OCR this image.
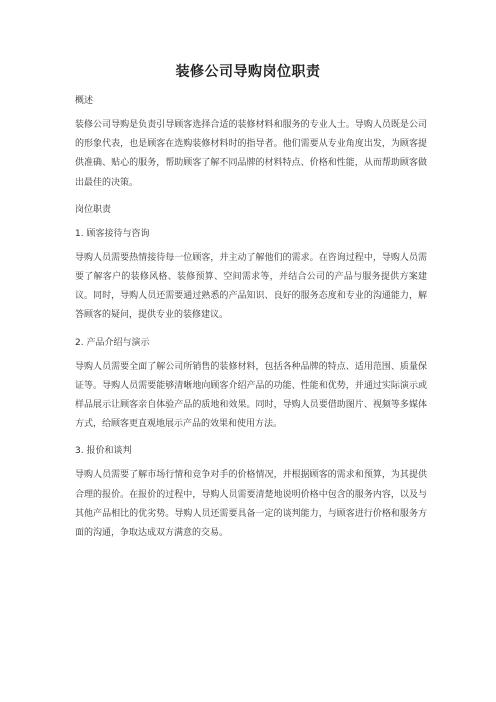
装修公司导购岗位职责

概述

装修公司导购是负责引导顾客选择合适的装修材料和服务的专业人士。导购人员既是公司的形象代表，也是顾客在选购装修材料时的指导者。他们需要从专业角度出发，为顾客提供准确、贴心的服务，帮助顾客了解不同品牌的材料特点、价格和性能，从而帮助顾客做出最佳的决策。

岗位职责

1. 顾客接待与咨询

导购人员需要热情接待每一位顾客，并主动了解他们的需求。在咨询过程中，导购人员需要了解客户的装修风格、装修预算、空间需求等，并结合公司的产品与服务提供方案建议。同时，导购人员还需要通过熟悉的产品知识、良好的服务态度和专业的沟通能力，解答顾客的疑问，提供专业的装修建议。

2. 产品介绍与演示

导购人员需要全面了解公司所销售的装修材料，包括各种品牌的特点、适用范围、质量保证等。导购人员需要能够清晰地向顾客介绍产品的功能、性能和优势，并通过实际演示或样品展示让顾客亲自体验产品的质地和效果。同时，导购人员要借助图片、视频等多媒体方式，给顾客更直观地展示产品的效果和使用方法。

3. 报价和谈判

导购人员需要了解市场行情和竞争对手的价格情况，并根据顾客的需求和预算，为其提供合理的报价。在报价的过程中，导购人员需要清楚地说明价格中包含的服务内容，以及与其他产品相比的优劣势。导购人员还需要具备一定的谈判能力，与顾客进行价格和服务方面的沟通，争取达成双方满意的交易。
